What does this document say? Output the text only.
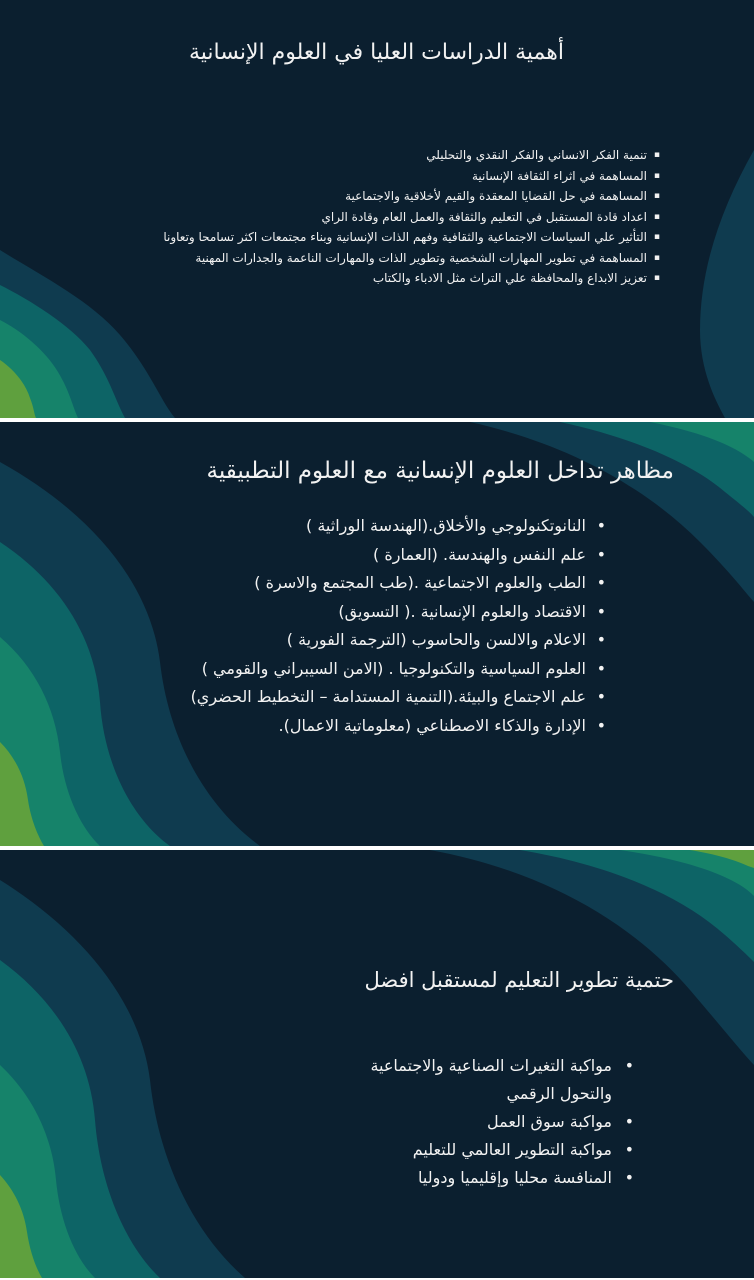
أهمية الدراسات العليا في العلوم الإنسانية
▪ تنمية الفكر الانساني والفكر النقدي والتحليلي
▪ المساهمة في اثراء الثقافة الإنسانية
▪ المساهمة في حل القضايا المعقدة والقيم لأخلاقية والاجتماعية
▪ اعداد قادة المستقبل في التعليم والثقافة والعمل العام وقادة الراي
▪ التأثير علي السياسات الاجتماعية والثقافية وفهم الذات الإنسانية وبناء مجتمعات اكثر تسامحا وتعاونا
▪ المساهمة في تطوير المهارات الشخصية وتطوير الذات والمهارات الناعمة والجدارات المهنية
▪ تعزيز الابداع والمحافظة علي التراث مثل الادباء والكتاب
مظاهر تداخل العلوم الإنسانية مع العلوم التطبيقية
• النانوتكنولوجي والأخلاق.(الهندسة الوراثية )
• علم النفس والهندسة. (العمارة )
• الطب والعلوم الاجتماعية .(طب المجتمع والاسرة )
• الاقتصاد والعلوم الإنسانية .( التسويق)
• الاعلام والالسن والحاسوب (الترجمة الفورية )
• العلوم السياسية والتكنولوجيا . (الامن السيبراني والقومي )
• علم الاجتماع والبيئة.(التنمية المستدامة – التخطيط الحضري)
• الإدارة والذكاء الاصطناعي (معلوماتية الاعمال).
حتمية تطوير التعليم لمستقبل افضل
• مواكبة التغيرات الصناعية والاجتماعية
والتحول الرقمي
• مواكبة سوق العمل
• مواكبة التطوير العالمي للتعليم
• المنافسة محليا وإقليميا ودوليا
